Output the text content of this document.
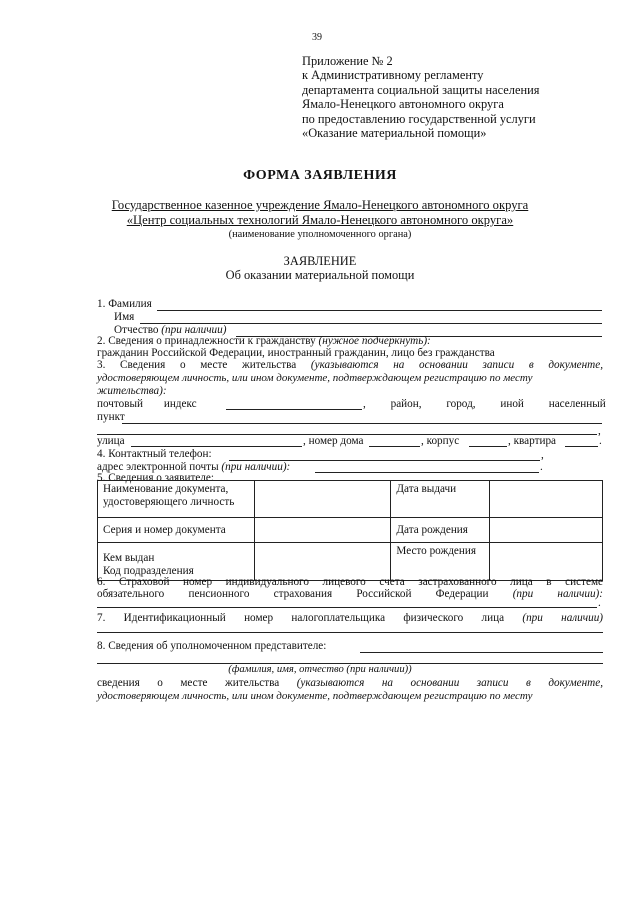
39
Приложение № 2
к Административному регламенту
департамента социальной защиты населения
Ямало-Ненецкого автономного округа
по предоставлению государственной услуги
«Оказание материальной помощи»
ФОРМА ЗАЯВЛЕНИЯ
Государственное казенное учреждение Ямало-Ненецкого автономного округа
«Центр социальных технологий Ямало-Ненецкого автономного округа»
(наименование уполномоченного органа)
ЗАЯВЛЕНИЕ
Об оказании материальной помощи
1. Фамилия
Имя
Отчество (при наличии)
2. Сведения о принадлежности к гражданству (нужное подчеркнуть):
гражданин Российской Федерации, иностранный гражданин, лицо без гражданства
3. Сведения о месте жительства (указываются на основании записи в документе,
удостоверяющем личность, или ином документе, подтверждающем регистрацию по месту
жительства):
почтовый индекс	, район, город, иной населенный
пункт
,
улица	, номер дома	, корпус	, квартира	.
4. Контактный телефон:	,
адрес электронной почты (при наличии):	.
5. Сведения о заявителе:
Наименование документа, удостоверяющего личность		Дата выдачи	
Серия и номер документа		Дата рождения	

Кем выдан
Код подразделения		Место рождения	
6. Страховой номер индивидуального лицевого счета застрахованного лица в системе
обязательного пенсионного страхования Российской Федерации (при наличии):
.
7. Идентификационный номер налогоплательщика физического лица (при наличии)
8. Сведения об уполномоченном представителе:
(фамилия, имя, отчество (при наличии))
сведения о месте жительства (указываются на основании записи в документе,
удостоверяющем личность, или ином документе, подтверждающем регистрацию по месту
